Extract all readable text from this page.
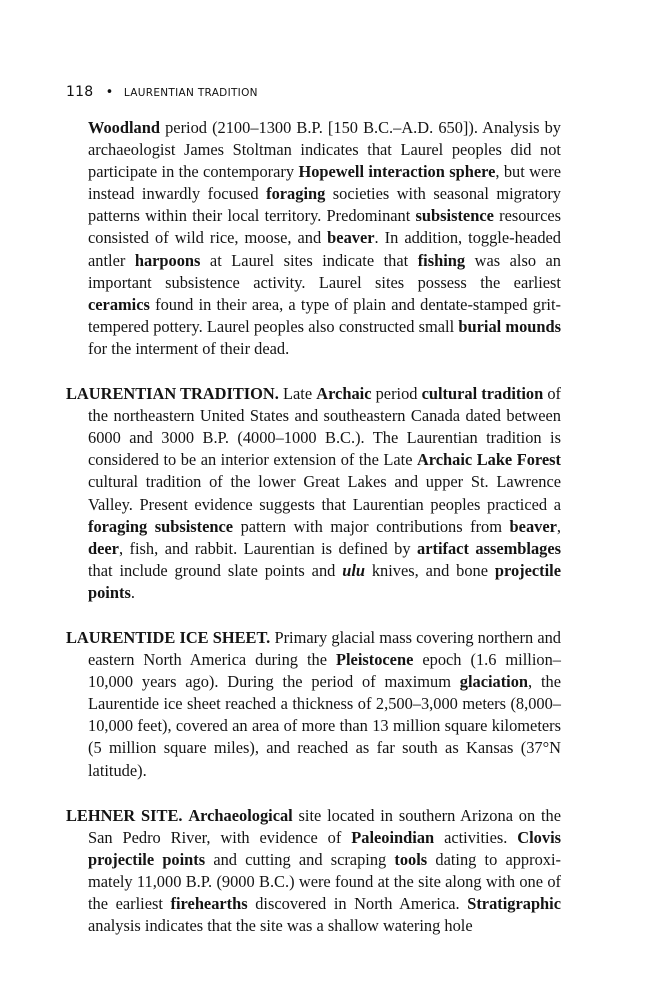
118 • LAURENTIAN TRADITION

Woodland period (2100–1300 B.P. [150 B.C.–A.D. 650]). Analysis by archaeologist James Stoltman indicates that Laurel peoples did not participate in the contemporary Hopewell interaction sphere, but were instead inwardly focused foraging societies with seasonal migratory patterns within their local territory. Predominant subsistence resources consisted of wild rice, moose, and beaver. In addition, toggle-headed antler harpoons at Laurel sites indicate that fishing was also an important subsistence activity. Laurel sites possess the earliest ceramics found in their area, a type of plain and dentate-stamped grit-tempered pottery. Laurel peoples also constructed small burial mounds for the interment of their dead.

LAURENTIAN TRADITION. Late Archaic period cultural tradition of the northeastern United States and southeastern Canada dated between 6000 and 3000 B.P. (4000–1000 B.C.). The Laurentian tradition is considered to be an interior extension of the Late Archaic Lake Forest cultural tradition of the lower Great Lakes and upper St. Lawrence Valley. Present evidence suggests that Laurentian peoples practiced a foraging subsistence pattern with major contributions from beaver, deer, fish, and rabbit. Laurentian is defined by artifact assemblages that include ground slate points and ulu knives, and bone projectile points.

LAURENTIDE ICE SHEET. Primary glacial mass covering northern and eastern North America during the Pleistocene epoch (1.6 million–10,000 years ago). During the period of maximum glaciation, the Laurentide ice sheet reached a thickness of 2,500–3,000 meters (8,000–10,000 feet), covered an area of more than 13 million square kilometers (5 million square miles), and reached as far south as Kansas (37°N latitude).

LEHNER SITE. Archaeological site located in southern Arizona on the San Pedro River, with evidence of Paleoindian activities. Clovis projectile points and cutting and scraping tools dating to approximately 11,000 B.P. (9000 B.C.) were found at the site along with one of the earliest firehearths discovered in North America. Stratigraphic analysis indicates that the site was a shallow watering hole
